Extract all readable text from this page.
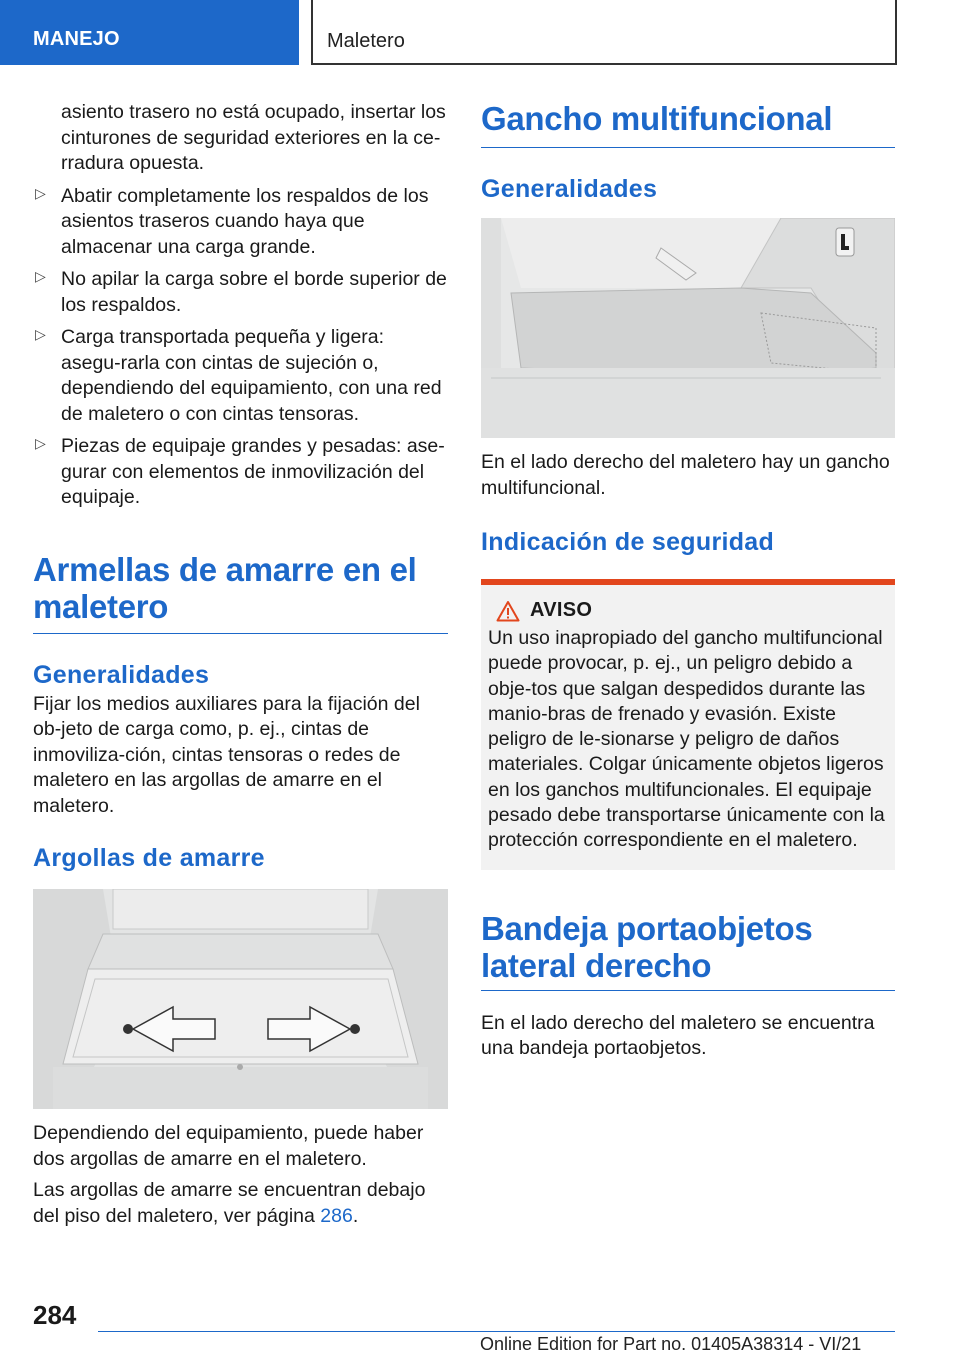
MANEJO	Maletero

asiento trasero no está ocupado, insertar los cinturones de seguridad exteriores en la ce-rradura opuesta.

▷ Abatir completamente los respaldos de los asientos traseros cuando haya que almacenar una carga grande.

▷ No apilar la carga sobre el borde superior de los respaldos.

▷ Carga transportada pequeña y ligera: asegu-rarla con cintas de sujeción o, dependiendo del equipamiento, con una red de maletero o con cintas tensoras.

▷ Piezas de equipaje grandes y pesadas: ase-gurar con elementos de inmovilización del equipaje.

Armellas de amarre en el maletero
Generalidades

Fijar los medios auxiliares para la fijación del ob-jeto de carga como, p. ej., cintas de inmoviliza-ción, cintas tensoras o redes de maletero en las argollas de amarre en el maletero.

Argollas de amarre

Dependiendo del equipamiento, puede haber dos argollas de amarre en el maletero.

Las argollas de amarre se encuentran debajo del piso del maletero, ver página 286.

Gancho multifuncional
Generalidades

En el lado derecho del maletero hay un gancho multifuncional.

Indicación de seguridad
AVISO

Un uso inapropiado del gancho multifuncional puede provocar, p. ej., un peligro debido a obje-tos que salgan despedidos durante las manio-bras de frenado y evasión. Existe peligro de le-sionarse y peligro de daños materiales. Colgar únicamente objetos ligeros en los ganchos multifuncionales. El equipaje pesado debe transportarse únicamente con la protección correspondiente en el maletero.

Bandeja portaobjetos lateral derecho

En el lado derecho del maletero se encuentra una bandeja portaobjetos.

284
Online Edition for Part no. 01405A38314 - VI/21
